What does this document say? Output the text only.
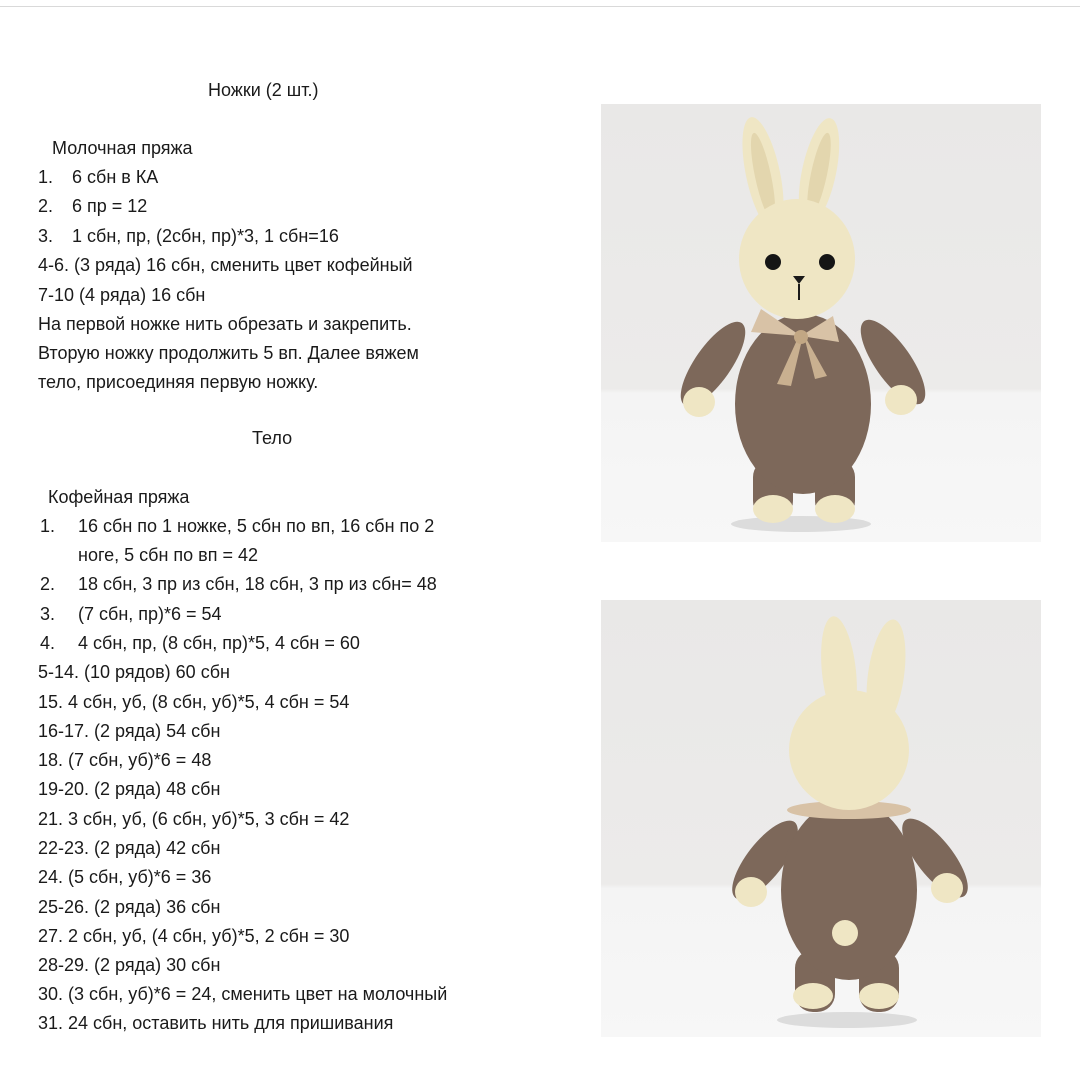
Ножки (2 шт.)
Молочная пряжа
1. 6 сбн в КА
2. 6 пр = 12
3. 1 сбн, пр, (2сбн, пр)*3, 1 сбн=16
4-6. (3 ряда) 16 сбн, сменить цвет кофейный
7-10 (4 ряда) 16 сбн
На первой ножке нить обрезать и закрепить.
Вторую ножку продолжить 5 вп. Далее вяжем
тело, присоединяя первую ножку.
Тело
Кофейная пряжа
1. 16 сбн по 1 ножке, 5 сбн по вп, 16 сбн по 2
ноге, 5 сбн по вп = 42
2. 18 сбн, 3 пр из сбн, 18 сбн, 3 пр из сбн= 48
3. (7 сбн, пр)*6 = 54
4. 4 сбн, пр, (8 сбн, пр)*5, 4 сбн = 60
5-14. (10 рядов) 60 сбн
15. 4 сбн, уб, (8 сбн, уб)*5, 4 сбн = 54
16-17. (2 ряда) 54 сбн
18. (7 сбн, уб)*6 = 48
19-20. (2 ряда) 48 сбн
21. 3 сбн, уб, (6 сбн, уб)*5, 3 сбн = 42
22-23. (2 ряда) 42 сбн
24. (5 сбн, уб)*6 = 36
25-26. (2 ряда) 36 сбн
27. 2 сбн, уб, (4 сбн, уб)*5, 2 сбн = 30
28-29. (2 ряда) 30 сбн
30. (3 сбн, уб)*6 = 24, сменить цвет на молочный
31. 24 сбн, оставить нить для пришивания
